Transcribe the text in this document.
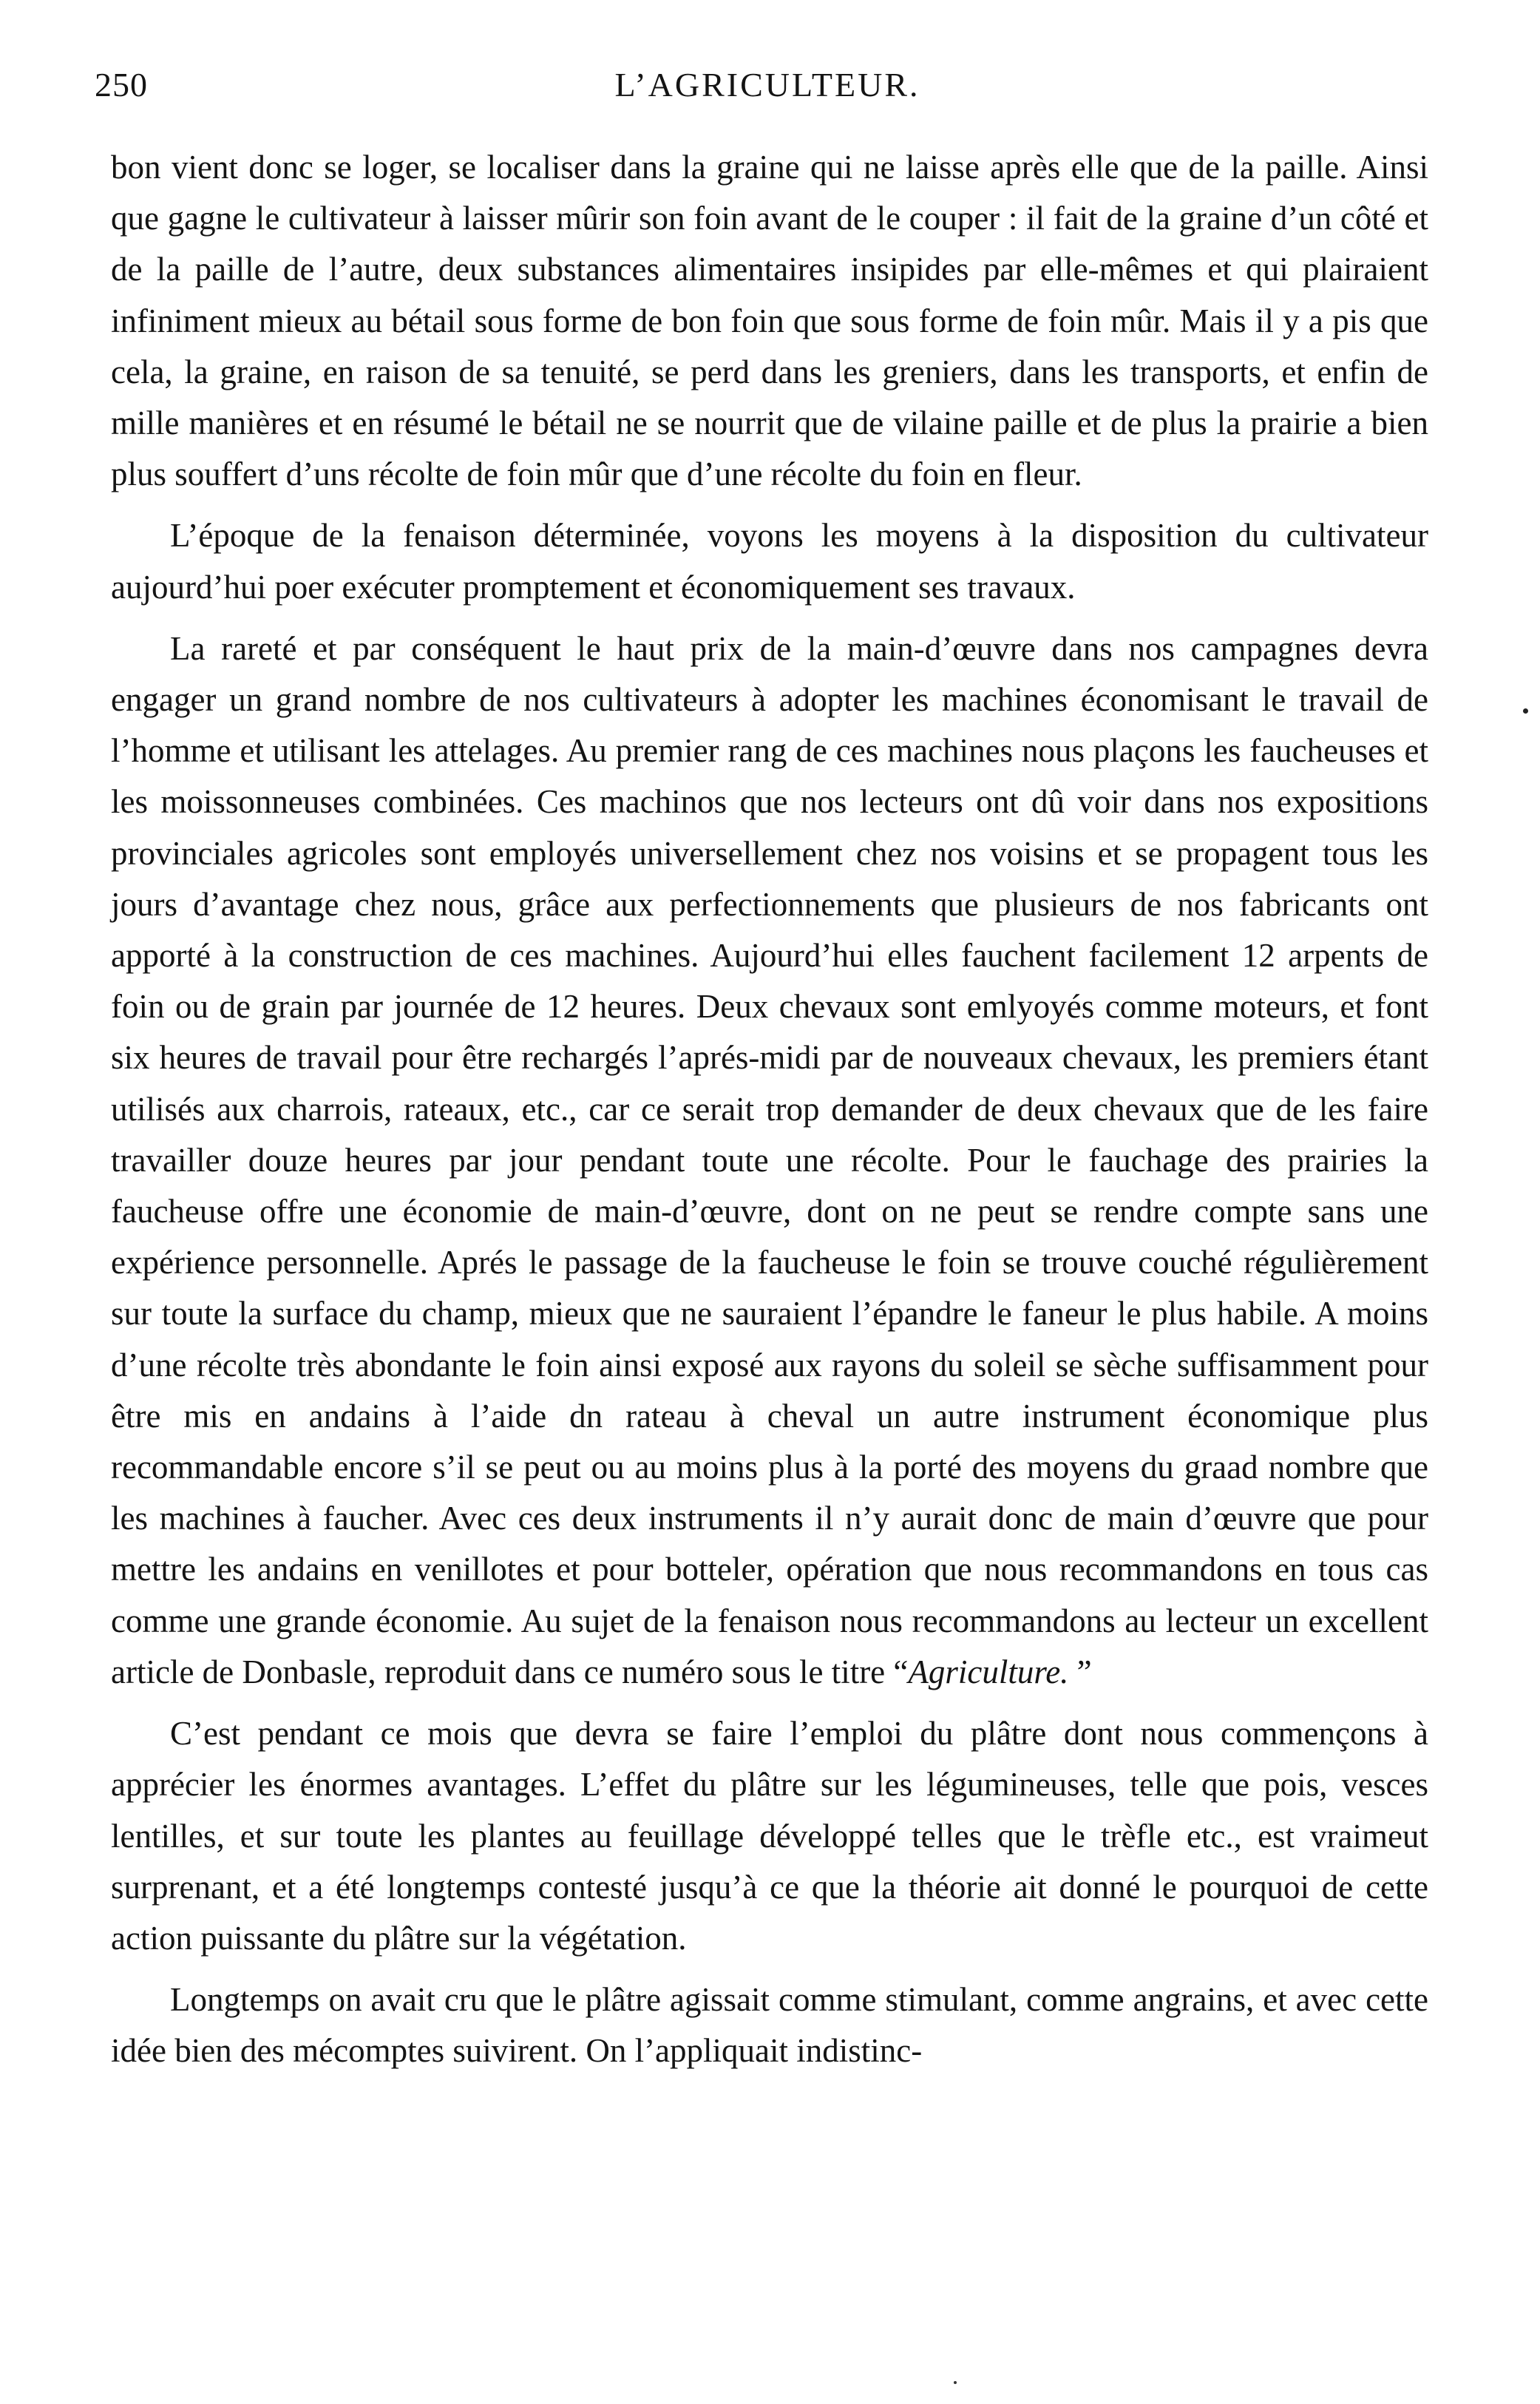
250	L’AGRICULTEUR.

bon vient donc se loger, se localiser dans la graine qui ne laisse après elle que de la paille. Ainsi que gagne le cultivateur à laisser mûrir son foin avant de le couper : il fait de la graine d’un côté et de la paille de l’autre, deux substances alimentaires insipides par elle-mêmes et qui plairaient infiniment mieux au bétail sous forme de bon foin que sous forme de foin mûr. Mais il y a pis que cela, la graine, en raison de sa tenuité, se perd dans les greniers, dans les transports, et enfin de mille manières et en résumé le bétail ne se nourrit que de vilaine paille et de plus la prairie a bien plus souffert d’uns récolte de foin mûr que d’une récolte du foin en fleur.

L’époque de la fenaison déterminée, voyons les moyens à la disposition du cultivateur aujourd’hui poer exécuter promptement et économiquement ses travaux.

La rareté et par conséquent le haut prix de la main-d’œuvre dans nos campagnes devra engager un grand nombre de nos cultivateurs à adopter les machines économisant le travail de l’homme et utilisant les attelages. Au premier rang de ces machines nous plaçons les faucheuses et les moissonneuses combinées. Ces machinos que nos lecteurs ont dû voir dans nos expositions provinciales agricoles sont employés universellement chez nos voisins et se propagent tous les jours d’avantage chez nous, grâce aux perfectionnements que plusieurs de nos fabricants ont apporté à la construction de ces machines. Aujourd’hui elles fauchent facilement 12 arpents de foin ou de grain par journée de 12 heures. Deux chevaux sont emlyoyés comme moteurs, et font six heures de travail pour être rechargés l’aprés-midi par de nouveaux chevaux, les premiers étant utilisés aux charrois, rateaux, etc., car ce serait trop demander de deux chevaux que de les faire travailler douze heures par jour pendant toute une récolte. Pour le fauchage des prairies la faucheuse offre une économie de main-d’œuvre, dont on ne peut se rendre compte sans une expérience personnelle. Aprés le passage de la faucheuse le foin se trouve couché régulièrement sur toute la surface du champ, mieux que ne sauraient l’épandre le faneur le plus habile. A moins d’une récolte très abondante le foin ainsi exposé aux rayons du soleil se sèche suffisamment pour être mis en andains à l’aide dn rateau à cheval un autre instrument économique plus recommandable encore s’il se peut ou au moins plus à la porté des moyens du graad nombre que les machines à faucher. Avec ces deux instruments il n’y aurait donc de main d’œuvre que pour mettre les andains en venillotes et pour botteler, opération que nous recommandons en tous cas comme une grande économie. Au sujet de la fenaison nous recommandons au lecteur un excellent article de Donbasle, reproduit dans ce numéro sous le titre “Agriculture. ”

C’est pendant ce mois que devra se faire l’emploi du plâtre dont nous commençons à apprécier les énormes avantages. L’effet du plâtre sur les légumineuses, telle que pois, vesces lentilles, et sur toute les plantes au feuillage développé telles que le trèfle etc., est vraimeut surprenant, et a été longtemps contesté jusqu’à ce que la théorie ait donné le pourquoi de cette action puissante du plâtre sur la végétation.

Longtemps on avait cru que le plâtre agissait comme stimulant, comme angrains, et avec cette idée bien des mécomptes suivirent. On l’appliquait indistinc-
